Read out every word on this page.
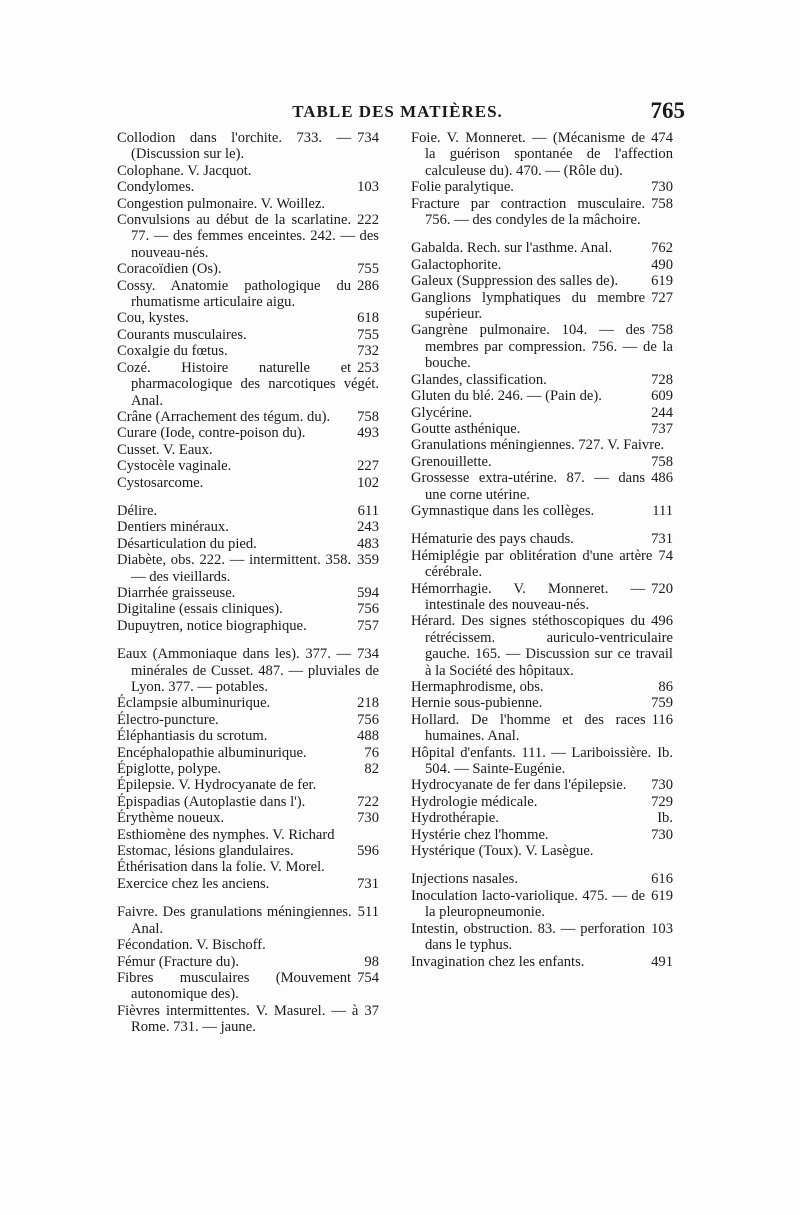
TABLE DES MATIÈRES.	765
734
Collodion dans l'orchite. 733. — (Discussion sur le).
Colophane. V. Jacquot.
103
Condylomes.
Congestion pulmonaire. V. Woillez.
222
Convulsions au début de la scarlatine. 77. — des femmes enceintes. 242. — des nouveau-nés.
755
Coracoïdien (Os).
286
Cossy. Anatomie pathologique du rhumatisme articulaire aigu.
618
Cou, kystes.
755
Courants musculaires.
732
Coxalgie du fœtus.
253
Cozé. Histoire naturelle et pharmacologique des narcotiques végét. Anal.
758
Crâne (Arrachement des tégum. du).
493
Curare (Iode, contre-poison du).
Cusset. V. Eaux.
227
Cystocèle vaginale.
102
Cystosarcome.
611
Délire.
243
Dentiers minéraux.
483
Désarticulation du pied.
359
Diabète, obs. 222. — intermittent. 358. — des vieillards.
594
Diarrhée graisseuse.
756
Digitaline (essais cliniques).
757
Dupuytren, notice biographique.
734
Eaux (Ammoniaque dans les). 377. — minérales de Cusset. 487. — pluviales de Lyon. 377. — potables.
218
Éclampsie albuminurique.
756
Électro-puncture.
488
Éléphantiasis du scrotum.
76
Encéphalopathie albuminurique.
82
Épiglotte, polype.
Épilepsie. V. Hydrocyanate de fer.
722
Épispadias (Autoplastie dans l').
730
Érythème noueux.
Esthiomène des nymphes. V. Richard
596
Estomac, lésions glandulaires.
Éthérisation dans la folie. V. Morel.
731
Exercice chez les anciens.
511
Faivre. Des granulations méningiennes. Anal.
Fécondation. V. Bischoff.
98
Fémur (Fracture du).
754
Fibres musculaires (Mouvement autonomique des).
37
Fièvres intermittentes. V. Masurel. — à Rome. 731. — jaune.
474
Foie. V. Monneret. — (Mécanisme de la guérison spontanée de l'affection calculeuse du). 470. — (Rôle du).
730
Folie paralytique.
758
Fracture par contraction musculaire. 756. — des condyles de la mâchoire.
762
Gabalda. Rech. sur l'asthme. Anal.
490
Galactophorite.
619
Galeux (Suppression des salles de).
727
Ganglions lymphatiques du membre supérieur.
758
Gangrène pulmonaire. 104. — des membres par compression. 756. — de la bouche.
728
Glandes, classification.
609
Gluten du blé. 246. — (Pain de).
244
Glycérine.
737
Goutte asthénique.
Granulations méningiennes. 727. V. Faivre.
758
Grenouillette.
486
Grossesse extra-utérine. 87. — dans une corne utérine.
111
Gymnastique dans les collèges.
731
Hématurie des pays chauds.
74
Hémiplégie par oblitération d'une artère cérébrale.
720
Hémorrhagie. V. Monneret. — intestinale des nouveau-nés.
496
Hérard. Des signes stéthoscopiques du rétrécissem. auriculo-ventriculaire gauche. 165. — Discussion sur ce travail à la Société des hôpitaux.
86
Hermaphrodisme, obs.
759
Hernie sous-pubienne.
116
Hollard. De l'homme et des races humaines. Anal.
Ib.
Hôpital d'enfants. 111. — Lariboissière. 504. — Sainte-Eugénie.
730
Hydrocyanate de fer dans l'épilepsie.
729
Hydrologie médicale.
Ib.
Hydrothérapie.
730
Hystérie chez l'homme.
Hystérique (Toux). V. Lasègue.
616
Injections nasales.
619
Inoculation lacto-variolique. 475. — de la pleuropneumonie.
103
Intestin, obstruction. 83. — perforation dans le typhus.
491
Invagination chez les enfants.
